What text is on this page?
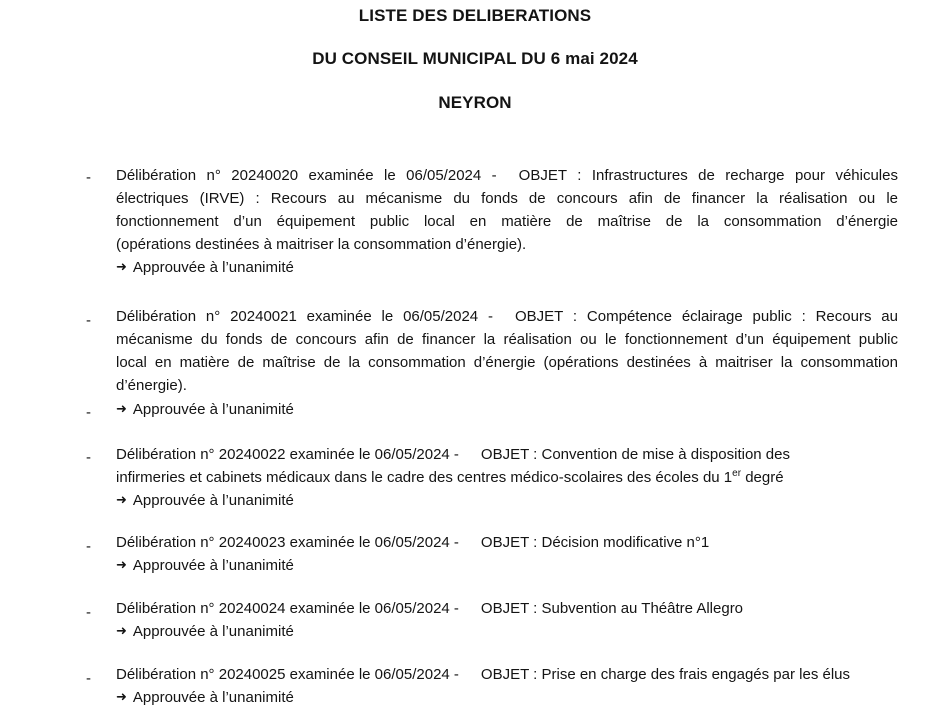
LISTE DES DELIBERATIONS
DU CONSEIL MUNICIPAL DU 6 mai 2024
NEYRON
- Délibération n° 20240020 examinée le 06/05/2024 - OBJET : Infrastructures de recharge pour véhicules
électriques (IRVE) : Recours au mécanisme du fonds de concours afin de financer la réalisation ou le
fonctionnement d’un équipement public local en matière de maîtrise de la consommation d’énergie
(opérations destinées à maitriser la consommation d’énergie).
➜ Approuvée à l’unanimité
- Délibération n° 20240021 examinée le 06/05/2024 - OBJET : Compétence éclairage public : Recours au
mécanisme du fonds de concours afin de financer la réalisation ou le fonctionnement d’un équipement public
local en matière de maîtrise de la consommation d’énergie (opérations destinées à maitriser la consommation
d’énergie).
- ➜ Approuvée à l’unanimité
- Délibération n° 20240022 examinée le 06/05/2024 - OBJET : Convention de mise à disposition des
infirmeries et cabinets médicaux dans le cadre des centres médico-scolaires des écoles du 1er degré
➜ Approuvée à l’unanimité
- Délibération n° 20240023 examinée le 06/05/2024 - OBJET : Décision modificative n°1
➜ Approuvée à l’unanimité
- Délibération n° 20240024 examinée le 06/05/2024 - OBJET : Subvention au Théâtre Allegro
➜ Approuvée à l’unanimité
- Délibération n° 20240025 examinée le 06/05/2024 - OBJET : Prise en charge des frais engagés par les élus
➜ Approuvée à l’unanimité
